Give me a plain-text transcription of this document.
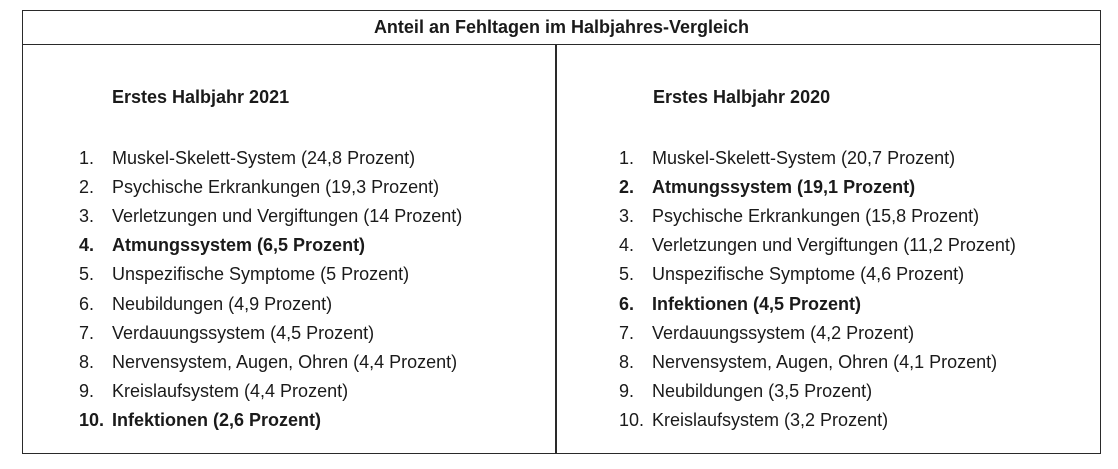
Anteil an Fehltagen im Halbjahres-Vergleich
Erstes Halbjahr 2021
1. Muskel-Skelett-System (24,8 Prozent)
2. Psychische Erkrankungen (19,3 Prozent)
3. Verletzungen und Vergiftungen (14 Prozent)
4. Atmungssystem (6,5 Prozent)
5. Unspezifische Symptome (5 Prozent)
6. Neubildungen (4,9 Prozent)
7. Verdauungssystem (4,5 Prozent)
8. Nervensystem, Augen, Ohren (4,4 Prozent)
9. Kreislaufsystem (4,4 Prozent)
10. Infektionen (2,6 Prozent)
Erstes Halbjahr 2020
1. Muskel-Skelett-System (20,7 Prozent)
2. Atmungssystem (19,1 Prozent)
3. Psychische Erkrankungen (15,8 Prozent)
4. Verletzungen und Vergiftungen (11,2 Prozent)
5. Unspezifische Symptome (4,6 Prozent)
6. Infektionen (4,5 Prozent)
7. Verdauungssystem (4,2 Prozent)
8. Nervensystem, Augen, Ohren (4,1 Prozent)
9. Neubildungen (3,5 Prozent)
10. Kreislaufsystem (3,2 Prozent)
